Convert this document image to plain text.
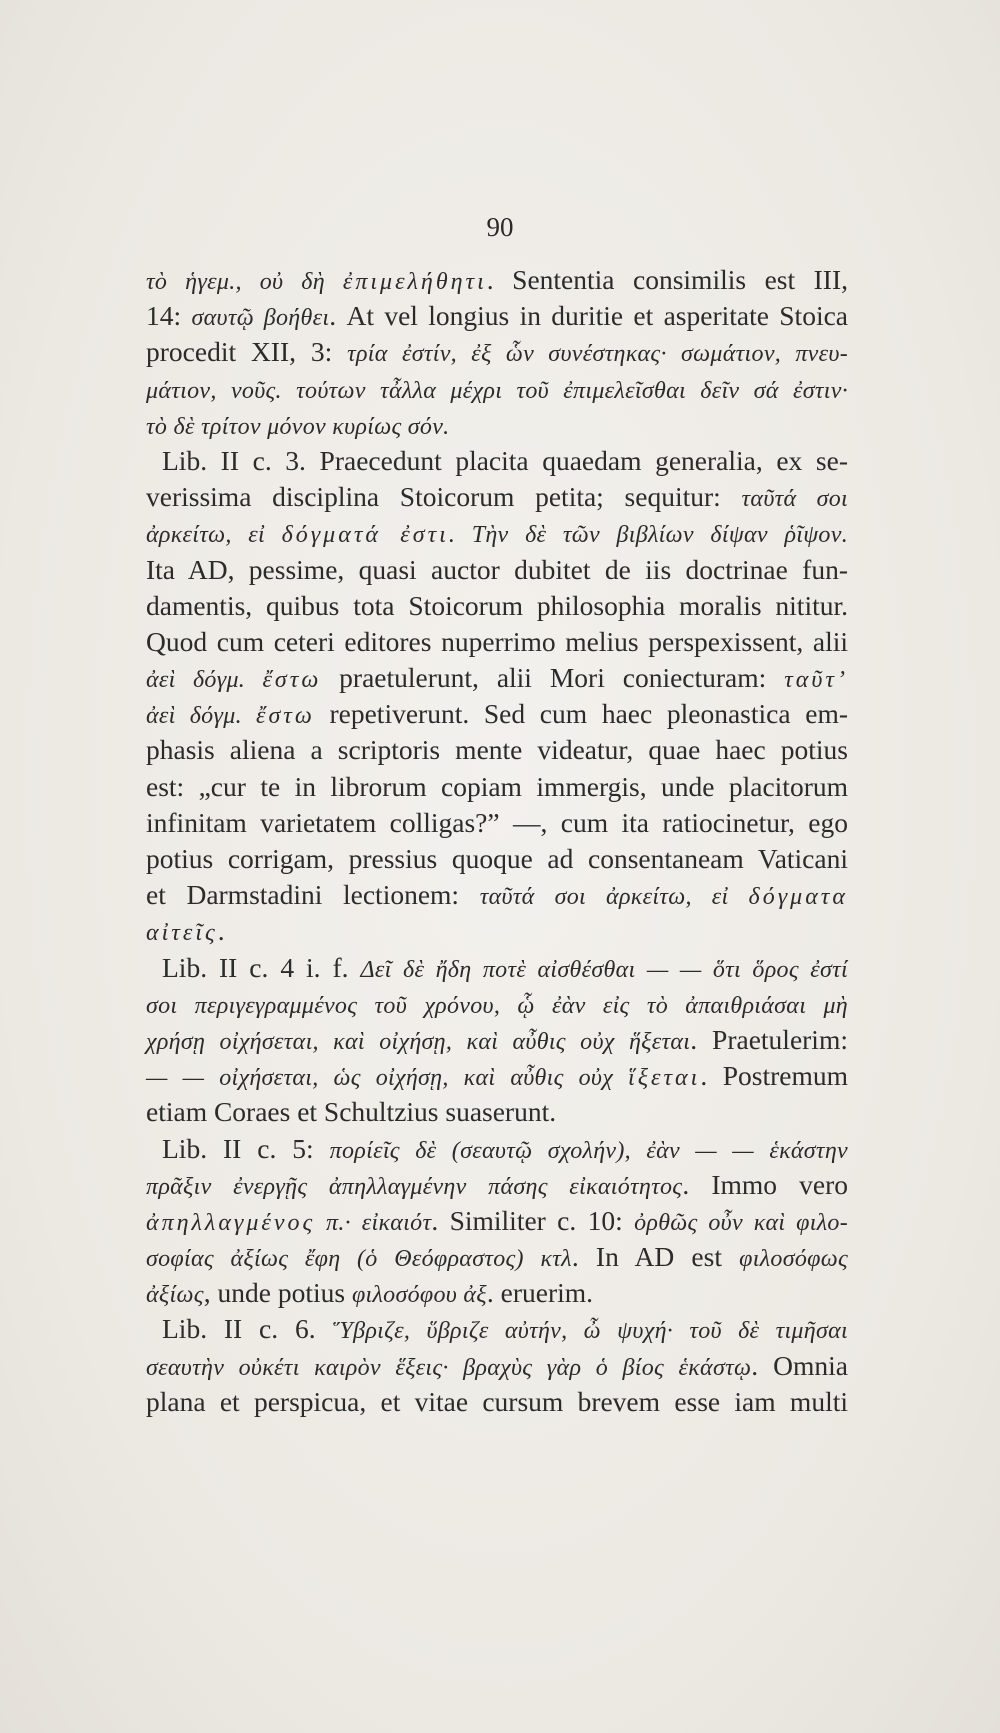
90
τὸ ἡγεμ., οὐ δὴ ἐπιμελήθητι. Sententia consimilis est III,
14: σαυτῷ βοήθει. At vel longius in duritie et asperitate Stoica
procedit XII, 3: τρία ἐστίν, ἐξ ὧν συνέστηκας· σωμάτιον, πνευ-
μάτιον, νοῦς. τούτων τἆλλα μέχρι τοῦ ἐπιμελεῖσθαι δεῖν σά ἐστιν·
τὸ δὲ τρίτον μόνον κυρίως σόν.
Lib. II c. 3. Praecedunt placita quaedam generalia, ex se-
verissima disciplina Stoicorum petita; sequitur: ταῦτά σοι
ἀρκείτω, εἰ δόγματά ἐστι. Τὴν δὲ τῶν βιβλίων δίψαν ῥῖψον.
Ita AD, pessime, quasi auctor dubitet de iis doctrinae fun-
damentis, quibus tota Stoicorum philosophia moralis nititur.
Quod cum ceteri editores nuperrimo melius perspexissent, alii
ἀεὶ δόγμ. ἔστω praetulerunt, alii Mori coniecturam: ταῦτ’
ἀεὶ δόγμ. ἔστω repetiverunt. Sed cum haec pleonastica em-
phasis aliena a scriptoris mente videatur, quae haec potius
est: „cur te in librorum copiam immergis, unde placitorum
infinitam varietatem colligas?” —, cum ita ratiocinetur, ego
potius corrigam, pressius quoque ad consentaneam Vaticani
et Darmstadini lectionem: ταῦτά σοι ἀρκείτω, εἰ δόγματα
αἰτεῖς.
Lib. II c. 4 i. f. Δεῖ δὲ ἤδη ποτὲ αἰσθέσθαι — — ὅτι ὅρος ἐστί
σοι περιγεγραμμένος τοῦ χρόνου, ᾧ ἐὰν εἰς τὸ ἀπαιθριάσαι μὴ
χρήσῃ οἰχήσεται, καὶ οἰχήσῃ, καὶ αὖθις οὐχ ἥξεται. Praetulerim:
— — οἰχήσεται, ὡς οἰχήσῃ, καὶ αὖθις οὐχ ἵξεται. Postremum
etiam Coraes et Schultzius suaserunt.
Lib. II c. 5: πορίεῖς δὲ (σεαυτῷ σχολήν), ἐὰν — — ἑκάστην
πρᾶξιν ἐνεργῇς ἀπηλλαγμένην πάσης εἰκαιότητος. Immo vero
ἀπηλλαγμένος π.· εἰκαιότ. Similiter c. 10: ὀρθῶς οὖν καὶ φιλο-
σοφίας ἀξίως ἔφη (ὁ Θεόφραστος) κτλ. In AD est φιλοσόφως
ἀξίως, unde potius φιλοσόφου ἀξ. eruerim.
Lib. II c. 6. Ὕβριζε, ὕβριζε αὐτήν, ὦ ψυχή· τοῦ δὲ τιμῆσαι
σεαυτὴν οὐκέτι καιρὸν ἕξεις· βραχὺς γὰρ ὁ βίος ἑκάστῳ. Omnia
plana et perspicua, et vitae cursum brevem esse iam multi
